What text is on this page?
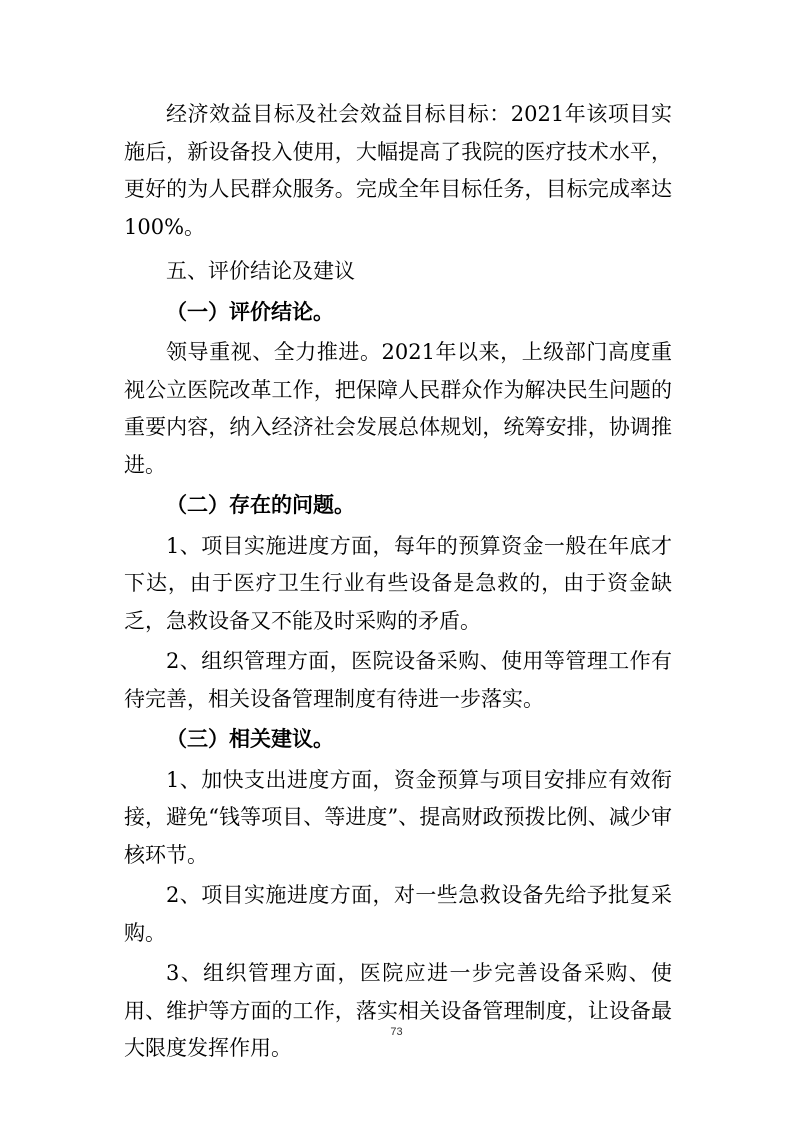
经济效益目标及社会效益目标目标：2021年该项目实施后，新设备投入使用，大幅提高了我院的医疗技术水平，更好的为人民群众服务。完成全年目标任务，目标完成率达100%。

五、评价结论及建议

（一）评价结论。

领导重视、全力推进。2021年以来，上级部门高度重视公立医院改革工作，把保障人民群众作为解决民生问题的重要内容，纳入经济社会发展总体规划，统筹安排，协调推进。

（二）存在的问题。

1、项目实施进度方面，每年的预算资金一般在年底才下达，由于医疗卫生行业有些设备是急救的，由于资金缺乏，急救设备又不能及时采购的矛盾。

2、组织管理方面，医院设备采购、使用等管理工作有待完善，相关设备管理制度有待进一步落实。

（三）相关建议。

1、加快支出进度方面，资金预算与项目安排应有效衔接，避免“钱等项目、等进度”、提高财政预拨比例、减少审核环节。

2、项目实施进度方面，对一些急救设备先给予批复采购。

3、组织管理方面，医院应进一步完善设备采购、使用、维护等方面的工作，落实相关设备管理制度，让设备最大限度发挥作用。

73
